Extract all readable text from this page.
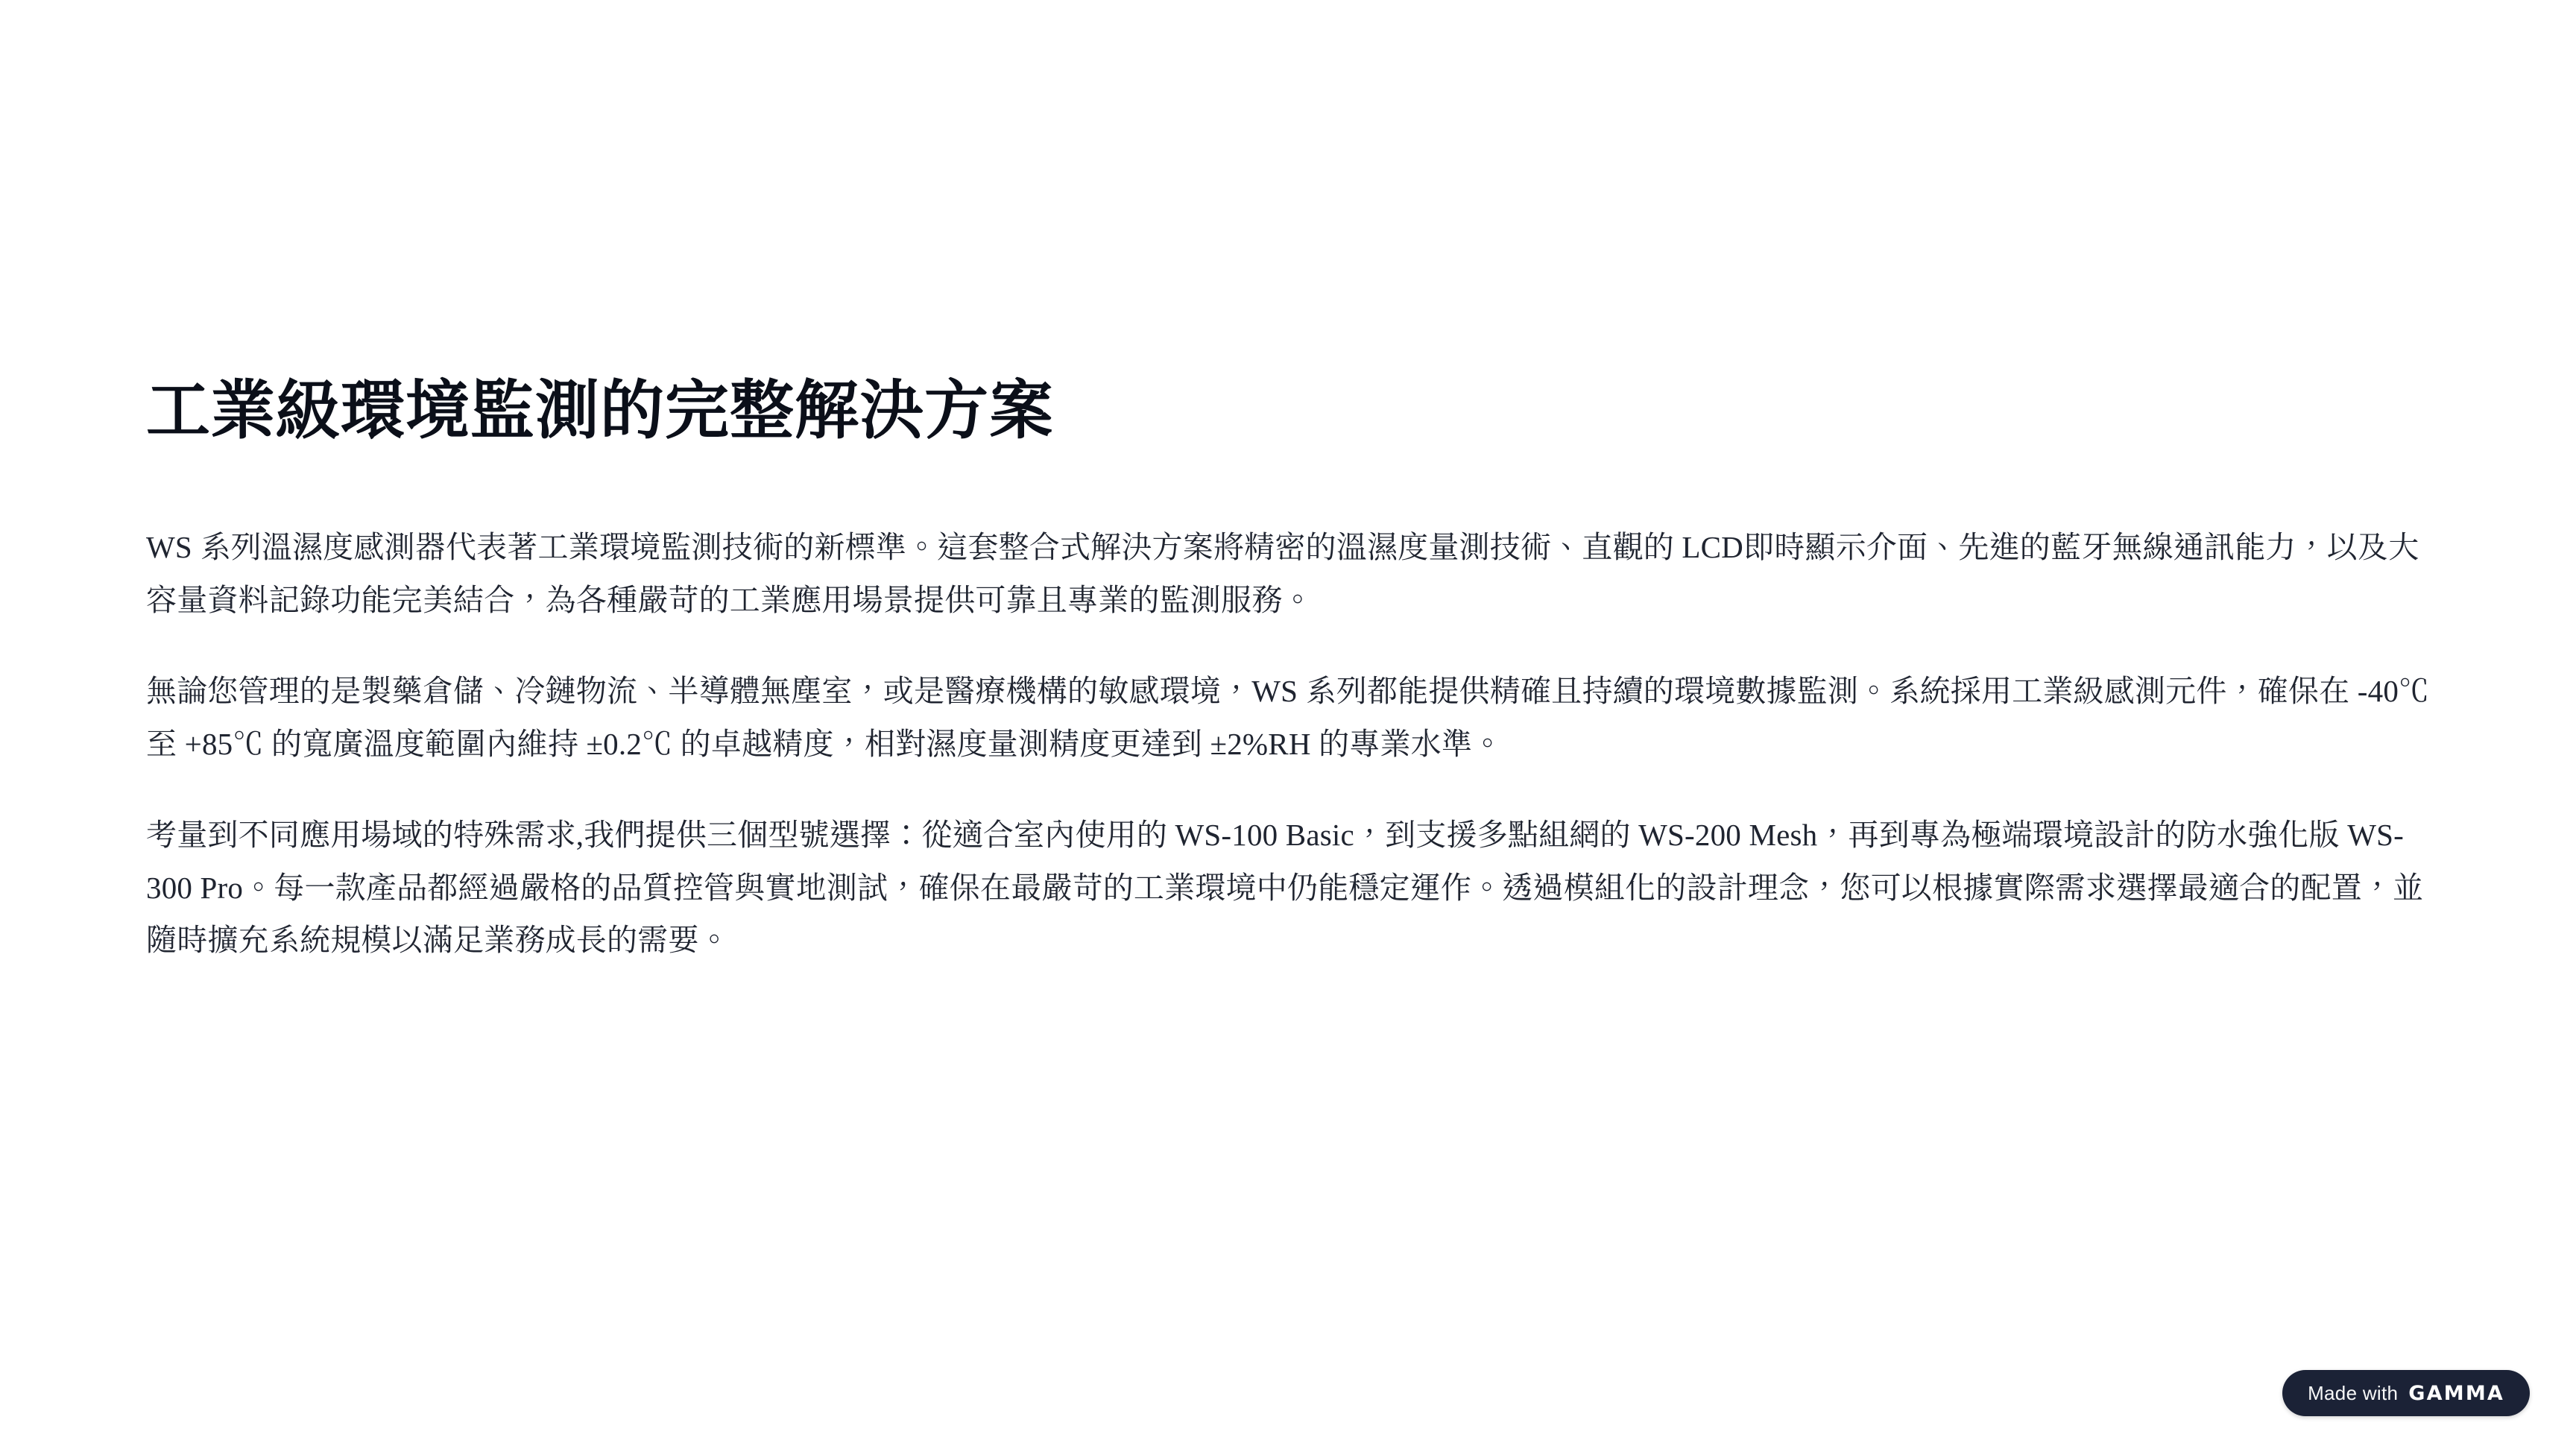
工業級環境監測的完整解決方案

WS 系列溫濕度感測器代表著工業環境監測技術的新標準。這套整合式解決方案將精密的溫濕度量測技術、直觀的 LCD即時顯示介面、先進的藍牙無線通訊能力，以及大容量資料記錄功能完美結合，為各種嚴苛的工業應用場景提供可靠且專業的監測服務。

無論您管理的是製藥倉儲、冷鏈物流、半導體無塵室，或是醫療機構的敏感環境，WS 系列都能提供精確且持續的環境數據監測。系統採用工業級感測元件，確保在 -40℃ 至 +85℃ 的寬廣溫度範圍內維持 ±0.2℃ 的卓越精度，相對濕度量測精度更達到 ±2%RH 的專業水準。

考量到不同應用場域的特殊需求,我們提供三個型號選擇：從適合室內使用的 WS-100 Basic，到支援多點組網的 WS-200 Mesh，再到專為極端環境設計的防水強化版 WS-300 Pro。每一款產品都經過嚴格的品質控管與實地測試，確保在最嚴苛的工業環境中仍能穩定運作。透過模組化的設計理念，您可以根據實際需求選擇最適合的配置，並隨時擴充系統規模以滿足業務成長的需要。

Made with GAMMA
